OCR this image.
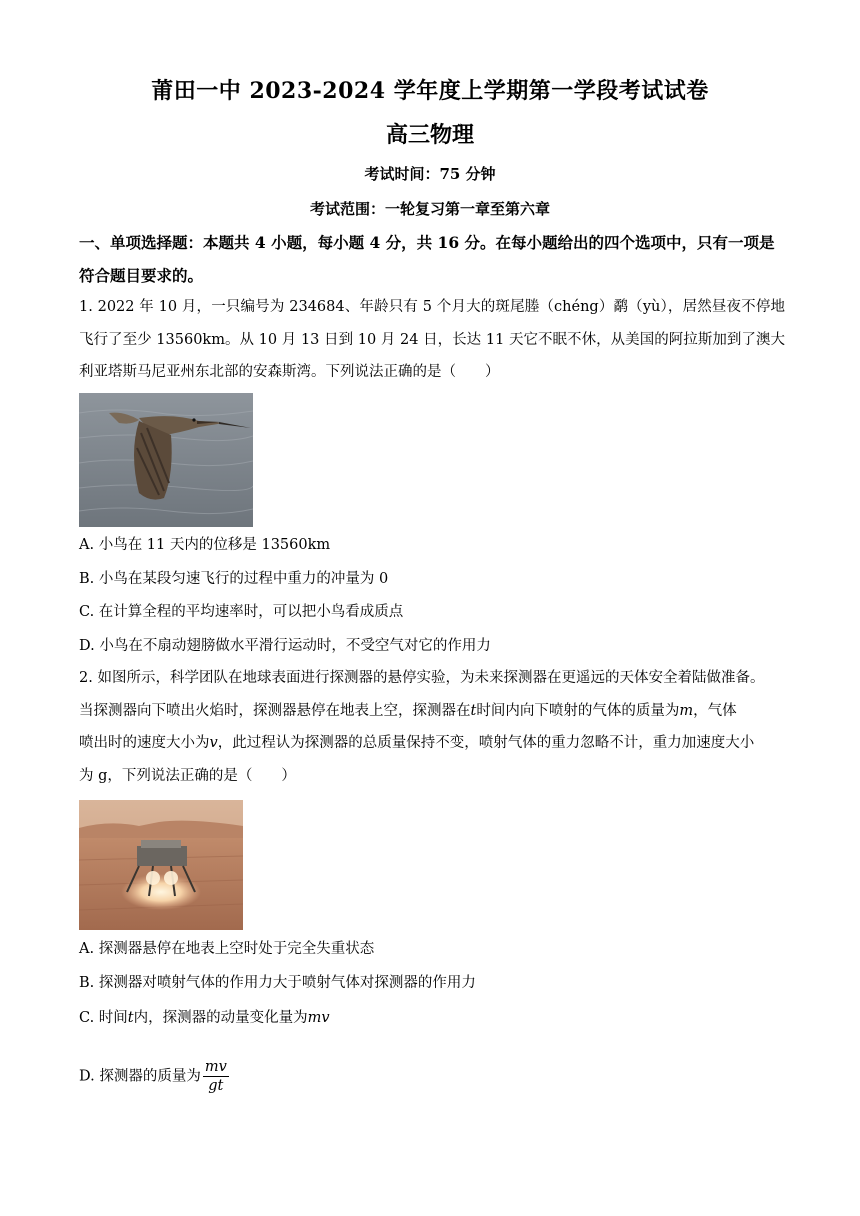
莆田一中 2023-2024 学年度上学期第一学段考试试卷
高三物理
考试时间：75 分钟
考试范围：一轮复习第一章至第六章
一、单项选择题：本题共 4 小题，每小题 4 分，共 16 分。在每小题给出的四个选项中，只有一项是符合题目要求的。
1. 2022 年 10 月，一只编号为 234684、年龄只有 5 个月大的斑尾塍（chéng）鹬（yù），居然昼夜不停地飞行了至少 13560km。从 10 月 13 日到 10 月 24 日，长达 11 天它不眠不休，从美国的阿拉斯加到了澳大利亚塔斯马尼亚州东北部的安森斯湾。下列说法正确的是（　　）
A. 小鸟在 11 天内的位移是 13560km
B. 小鸟在某段匀速飞行的过程中重力的冲量为 0
C. 在计算全程的平均速率时，可以把小鸟看成质点
D. 小鸟在不扇动翅膀做水平滑行运动时，不受空气对它的作用力
2. 如图所示，科学团队在地球表面进行探测器的悬停实验，为未来探测器在更遥远的天体安全着陆做准备。
当探测器向下喷出火焰时，探测器悬停在地表上空，探测器在t时间内向下喷射的气体的质量为m，气体
喷出时的速度大小为v，此过程认为探测器的总质量保持不变，喷射气体的重力忽略不计，重力加速度大小
为 g，下列说法正确的是（　　）
A. 探测器悬停在地表上空时处于完全失重状态
B. 探测器对喷射气体的作用力大于喷射气体对探测器的作用力
C. 时间t内，探测器的动量变化量为mv
D. 探测器的质量为 $\frac{mv}{gt}$
